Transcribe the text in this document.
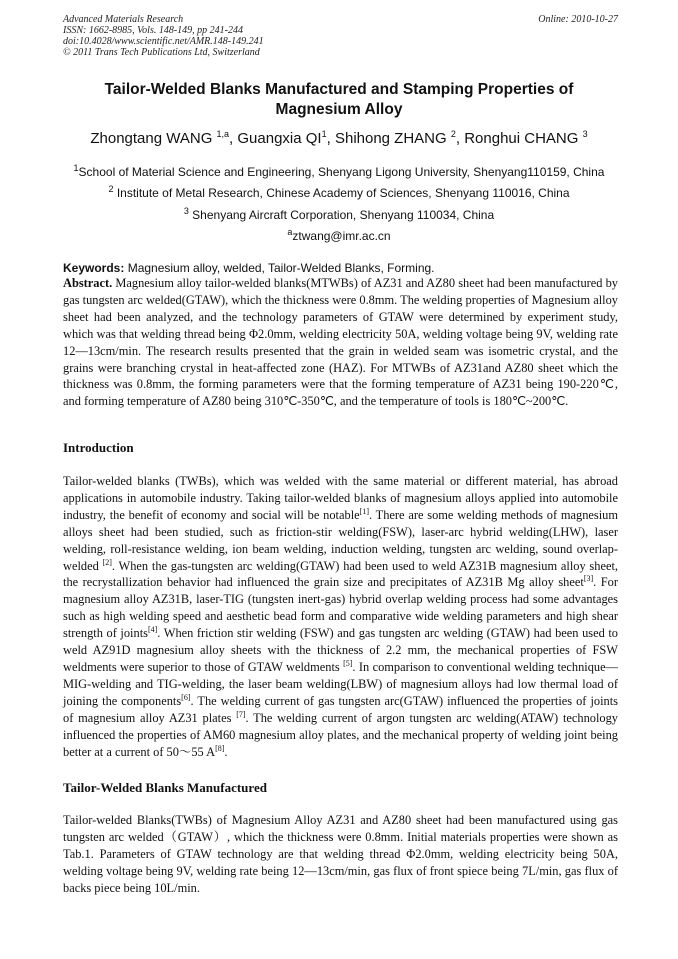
Advanced Materials Research
ISSN: 1662-8985, Vols. 148-149, pp 241-244
doi:10.4028/www.scientific.net/AMR.148-149.241
© 2011 Trans Tech Publications Ltd, Switzerland
Online: 2010-10-27
Tailor-Welded Blanks Manufactured and Stamping Properties of
Magnesium Alloy
Zhongtang WANG $^{1,a}$, Guangxia $QI^1$, Shihong ZHANG $^2$, Ronghui CHANG $^3$
$^1$School of Material Science and Engineering, Shenyang Ligong University, Shenyang110159, China
$^2$ Institute of Metal Research, Chinese Academy of Sciences, Shenyang 110016, China
$^3$ Shenyang Aircraft Corporation, Shenyang 110034, China
$^a$ztwang@imr.ac.cn
Keywords: Magnesium alloy, welded, Tailor-Welded Blanks, Forming.
Abstract. Magnesium alloy tailor-welded blanks(MTWBs) of AZ31 and AZ80 sheet had been manufactured by gas tungsten arc welded(GTAW), which the thickness were 0.8mm. The welding properties of Magnesium alloy sheet had been analyzed, and the technology parameters of GTAW were determined by experiment study, which was that welding thread being Φ2.0mm, welding electricity 50A, welding voltage being 9V, welding rate 12—13cm/min. The research results presented that the grain in welded seam was isometric crystal, and the grains were branching crystal in heat-affected zone (HAZ). For MTWBs of AZ31and AZ80 sheet which the thickness was 0.8mm, the forming parameters were that the forming temperature of AZ31 being 190-220℃, and forming temperature of AZ80 being 310℃-350℃, and the temperature of tools is 180℃~200℃.
Introduction
Tailor-welded blanks (TWBs), which was welded with the same material or different material, has abroad applications in automobile industry. Taking tailor-welded blanks of magnesium alloys applied into automobile industry, the benefit of economy and social will be notable[1]. There are some welding methods of magnesium alloys sheet had been studied, such as friction-stir welding(FSW), laser-arc hybrid welding(LHW), laser welding, roll-resistance welding, ion beam welding, induction welding, tungsten arc welding, sound overlap-welded [2]. When the gas-tungsten arc welding(GTAW) had been used to weld AZ31B magnesium alloy sheet, the recrystallization behavior had influenced the grain size and precipitates of AZ31B Mg alloy sheet[3]. For magnesium alloy AZ31B, laser-TIG (tungsten inert-gas) hybrid overlap welding process had some advantages such as high welding speed and aesthetic bead form and comparative wide welding parameters and high shear strength of joints[4]. When friction stir welding (FSW) and gas tungsten arc welding (GTAW) had been used to weld AZ91D magnesium alloy sheets with the thickness of 2.2 mm, the mechanical properties of FSW weldments were superior to those of GTAW weldments [5]. In comparison to conventional welding technique—MIG-welding and TIG-welding, the laser beam welding(LBW) of magnesium alloys had low thermal load of joining the components[6]. The welding current of gas tungsten arc(GTAW) influenced the properties of joints of magnesium alloy AZ31 plates [7]. The welding current of argon tungsten arc welding(ATAW) technology influenced the properties of AM60 magnesium alloy plates, and the mechanical property of welding joint being better at a current of 50～55 A[8].
Tailor-Welded Blanks Manufactured
Tailor-welded Blanks(TWBs) of Magnesium Alloy AZ31 and AZ80 sheet had been manufactured using gas tungsten arc welded（GTAW）, which the thickness were 0.8mm. Initial materials properties were shown as Tab.1. Parameters of GTAW technology are that welding thread Φ2.0mm, welding electricity being 50A, welding voltage being 9V, welding rate being 12—13cm/min, gas flux of front spiece being 7L/min, gas flux of backs piece being 10L/min.
